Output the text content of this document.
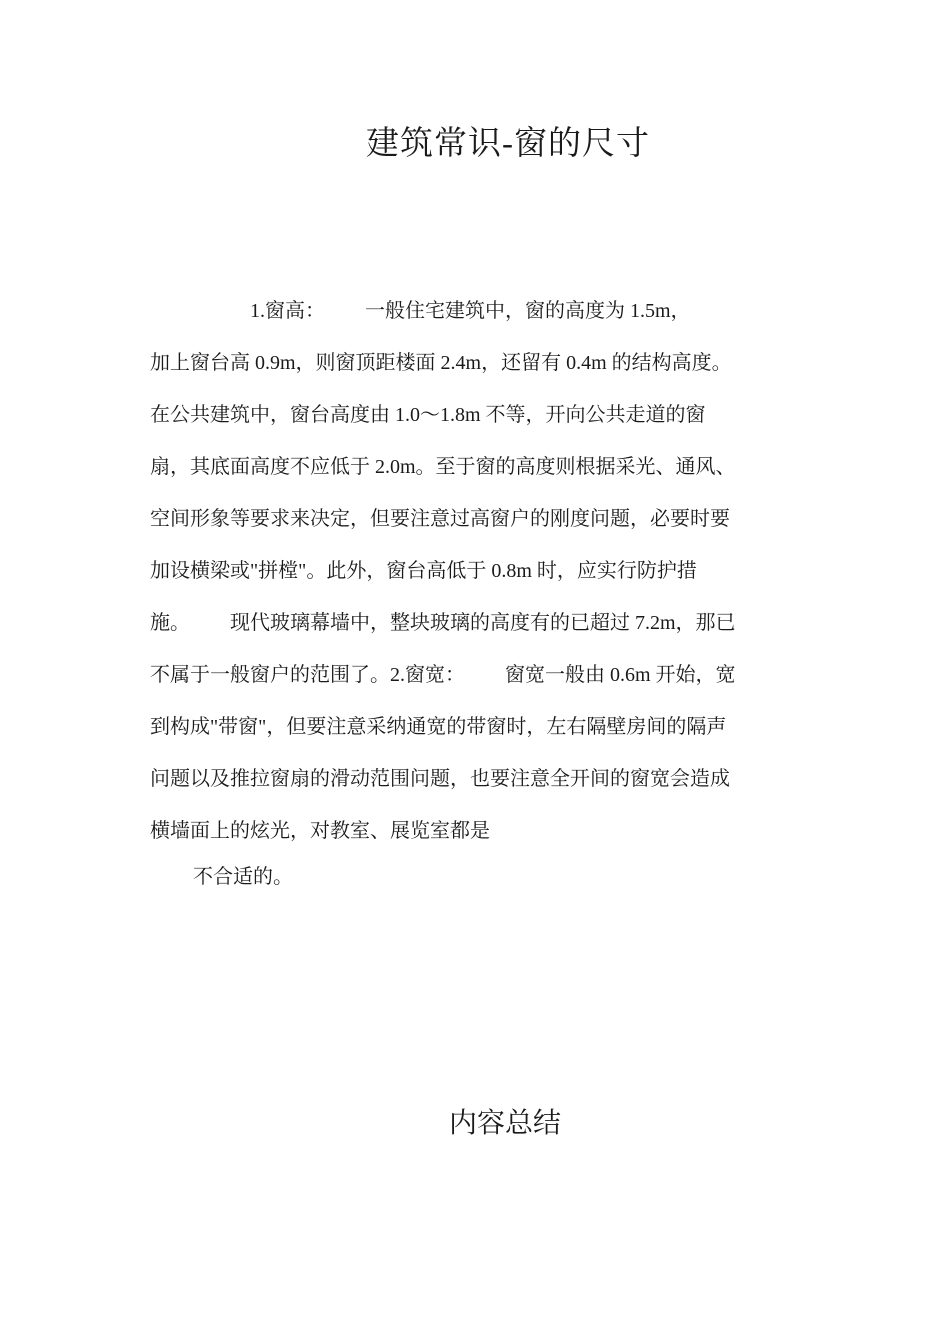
建筑常识-窗的尺寸
1.窗高：        一般住宅建筑中，窗的高度为 1.5m，
加上窗台高 0.9m，则窗顶距楼面 2.4m，还留有 0.4m 的结构高度。
在公共建筑中，窗台高度由 1.0～1.8m 不等，开向公共走道的窗
扇，其底面高度不应低于 2.0m。至于窗的高度则根据采光、通风、
空间形象等要求来决定，但要注意过高窗户的刚度问题，必要时要
加设横梁或"拼樘"。此外，窗台高低于 0.8m 时，应实行防护措
施。        现代玻璃幕墙中，整块玻璃的高度有的已超过 7.2m，那已
不属于一般窗户的范围了。2.窗宽：        窗宽一般由 0.6m 开始，宽
到构成"带窗"，但要注意采纳通宽的带窗时，左右隔壁房间的隔声
问题以及推拉窗扇的滑动范围问题，也要注意全开间的窗宽会造成
横墙面上的炫光，对教室、展览室都是
不合适的。
内容总结
